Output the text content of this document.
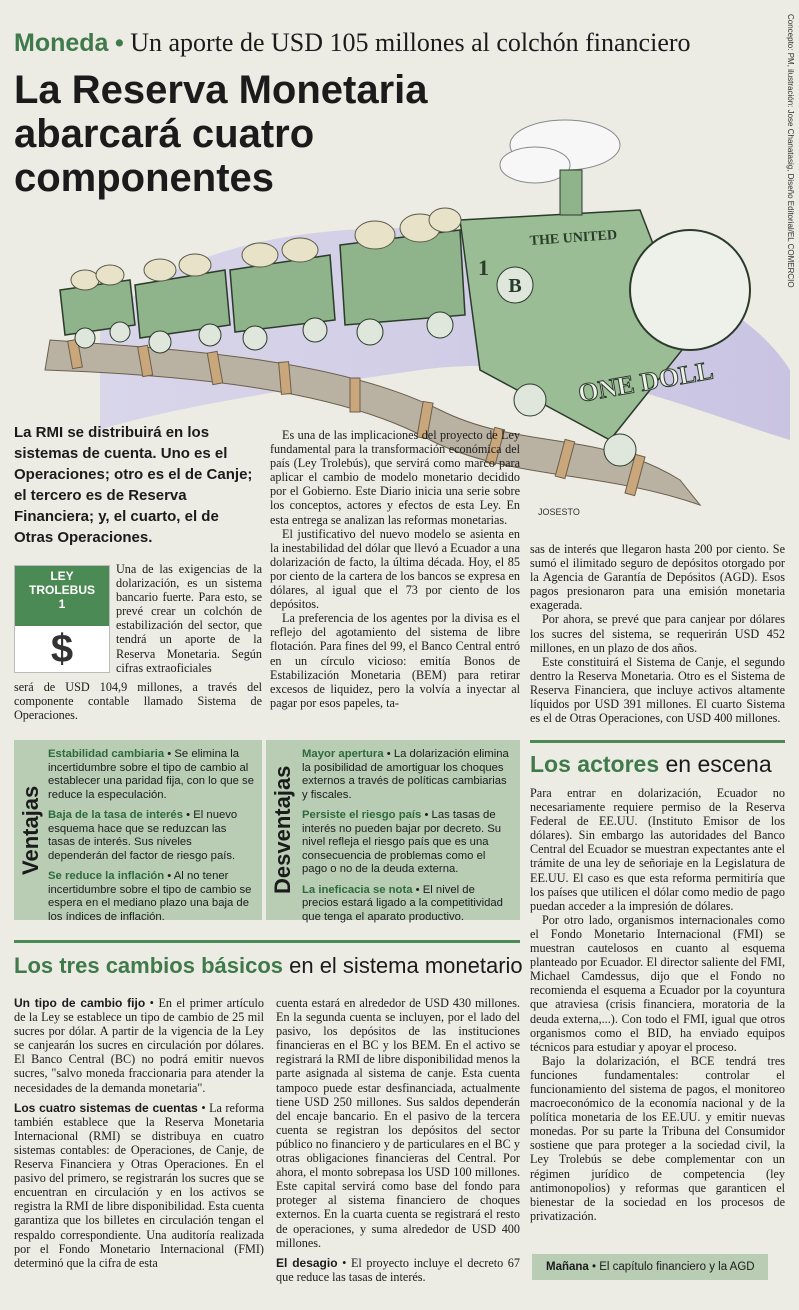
Moneda • Un aporte de USD 105 millones al colchón financiero
La Reserva Monetaria abarcará cuatro componentes	Concepto: PM, ilustración: Jose Chanatasig, Diseño Editorial/EL COMERCIO
B
1
THE UNITED
ONE DOLL
JOSESTO
La RMI se distribuirá en los sistemas de cuenta. Uno es el Operaciones; otro es el de Canje; el tercero es de Reserva Financiera; y, el cuarto, el de Otras Operaciones.
LEY
TROLEBUS
1
$

Una de las exigencias de la dolarización, es un sistema bancario fuerte. Para esto, se prevé crear un colchón de estabilización del sector, que tendrá un aporte de la Reserva Monetaria. Según cifras extraoficiales

será de USD 104,9 millones, a través del componente contable llamado Sistema de Operaciones.

Es una de las implicaciones del proyecto de Ley fundamental para la transformación económica del país (Ley Trolebús), que servirá como marco para aplicar el cambio de modelo monetario decidido por el Gobierno. Este Diario inicia una serie sobre los conceptos, actores y efectos de esta Ley. En esta entrega se analizan las reformas monetarias.

El justificativo del nuevo modelo se asienta en la inestabilidad del dólar que llevó a Ecuador a una dolarización de facto, la última década. Hoy, el 85 por ciento de la cartera de los bancos se expresa en dólares, al igual que el 73 por ciento de los depósitos.

La preferencia de los agentes por la divisa es el reflejo del agotamiento del sistema de libre flotación. Para fines del 99, el Banco Central entró en un círculo vicioso: emitía Bonos de Estabilización Monetaria (BEM) para retirar excesos de liquidez, pero la volvía a inyectar al pagar por esos papeles, ta-

sas de interés que llegaron hasta 200 por ciento. Se sumó el ilimitado seguro de depósitos otorgado por la Agencia de Garantía de Depósitos (AGD). Esos pagos presionaron para una emisión monetaria exagerada.

Por ahora, se prevé que para canjear por dólares los sucres del sistema, se requerirán USD 452 millones, en un plazo de dos años.

Este constituirá el Sistema de Canje, el segundo dentro la Reserva Monetaria. Otro es el Sistema de Reserva Financiera, que incluye activos altamente líquidos por USD 391 millones. El cuarto Sistema es el de Otras Operaciones, con USD 400 millones.

Ventajas

Estabilidad cambiaria • Se elimina la incertidumbre sobre el tipo de cambio al establecer una paridad fija, con lo que se reduce la especulación.

Baja de la tasa de interés • El nuevo esquema hace que se reduzcan las tasas de interés. Sus niveles dependerán del factor de riesgo país.

Se reduce la inflación • Al no tener incertidumbre sobre el tipo de cambio se espera en el mediano plazo una baja de los índices de inflación.

Desventajas

Mayor apertura • La dolarización elimina la posibilidad de amortiguar los choques externos a través de políticas cambiarias y fiscales.

Persiste el riesgo país • Las tasas de interés no pueden bajar por decreto. Su nivel refleja el riesgo país que es una consecuencia de problemas como el pago o no de la deuda externa.

La ineficacia se nota • El nivel de precios estará ligado a la competitividad que tenga el aparato productivo.

Los actores en escena

Para entrar en dolarización, Ecuador no necesariamente requiere permiso de la Reserva Federal de EE.UU. (Instituto Emisor de los dólares). Sin embargo las autoridades del Banco Central del Ecuador se muestran expectantes ante el trámite de una ley de señoriaje en la Legislatura de EE.UU. El caso es que esta reforma permitiría que los países que utilicen el dólar como medio de pago puedan acceder a la impresión de dólares.

Por otro lado, organismos internacionales como el Fondo Monetario Internacional (FMI) se muestran cautelosos en cuanto al esquema planteado por Ecuador. El director saliente del FMI, Michael Camdessus, dijo que el Fondo no recomienda el esquema a Ecuador por la coyuntura que atraviesa (crisis financiera, moratoria de la deuda externa,...). Con todo el FMI, igual que otros organismos como el BID, ha enviado equipos técnicos para estudiar y apoyar el proceso.

Bajo la dolarización, el BCE tendrá tres funciones fundamentales: controlar el funcionamiento del sistema de pagos, el monitoreo macroeconómico de la economía nacional y de la política monetaria de los EE.UU. y emitir nuevas monedas. Por su parte la Tribuna del Consumidor sostiene que para proteger a la sociedad civil, la Ley Trolebús se debe complementar con un régimen jurídico de competencia (ley antimonopolios) y reformas que garanticen el bienestar de la sociedad en los procesos de privatización.

Los tres cambios básicos en el sistema monetario

Un tipo de cambio fijo • En el primer artículo de la Ley se establece un tipo de cambio de 25 mil sucres por dólar. A partir de la vigencia de la Ley se canjearán los sucres en circulación por dólares. El Banco Central (BC) no podrá emitir nuevos sucres, "salvo moneda fraccionaria para atender la necesidades de la demanda monetaria".

Los cuatro sistemas de cuentas • La reforma también establece que la Reserva Monetaria Internacional (RMI) se distribuya en cuatro sistemas contables: de Operaciones, de Canje, de Reserva Financiera y Otras Operaciones. En el pasivo del primero, se registrarán los sucres que se encuentran en circulación y en los activos se registra la RMI de libre disponibilidad. Esta cuenta garantiza que los billetes en circulación tengan el respaldo correspondiente. Una auditoría realizada por el Fondo Monetario Internacional (FMI) determinó que la cifra de esta

cuenta estará en alrededor de USD 430 millones. En la segunda cuenta se incluyen, por el lado del pasivo, los depósitos de las instituciones financieras en el BC y los BEM. En el activo se registrará la RMI de libre disponibilidad menos la parte asignada al sistema de canje. Esta cuenta tampoco puede estar desfinanciada, actualmente tiene USD 250 millones. Sus saldos dependerán del encaje bancario. En el pasivo de la tercera cuenta se registran los depósitos del sector público no financiero y de particulares en el BC y otras obligaciones financieras del Central. Por ahora, el monto sobrepasa los USD 100 millones. Este capital servirá como base del fondo para proteger al sistema financiero de choques externos. En la cuarta cuenta se registrará el resto de operaciones, y suma alrededor de USD 400 millones.

El desagio • El proyecto incluye el decreto 67 que reduce las tasas de interés.

Mañana • El capítulo financiero y la AGD
